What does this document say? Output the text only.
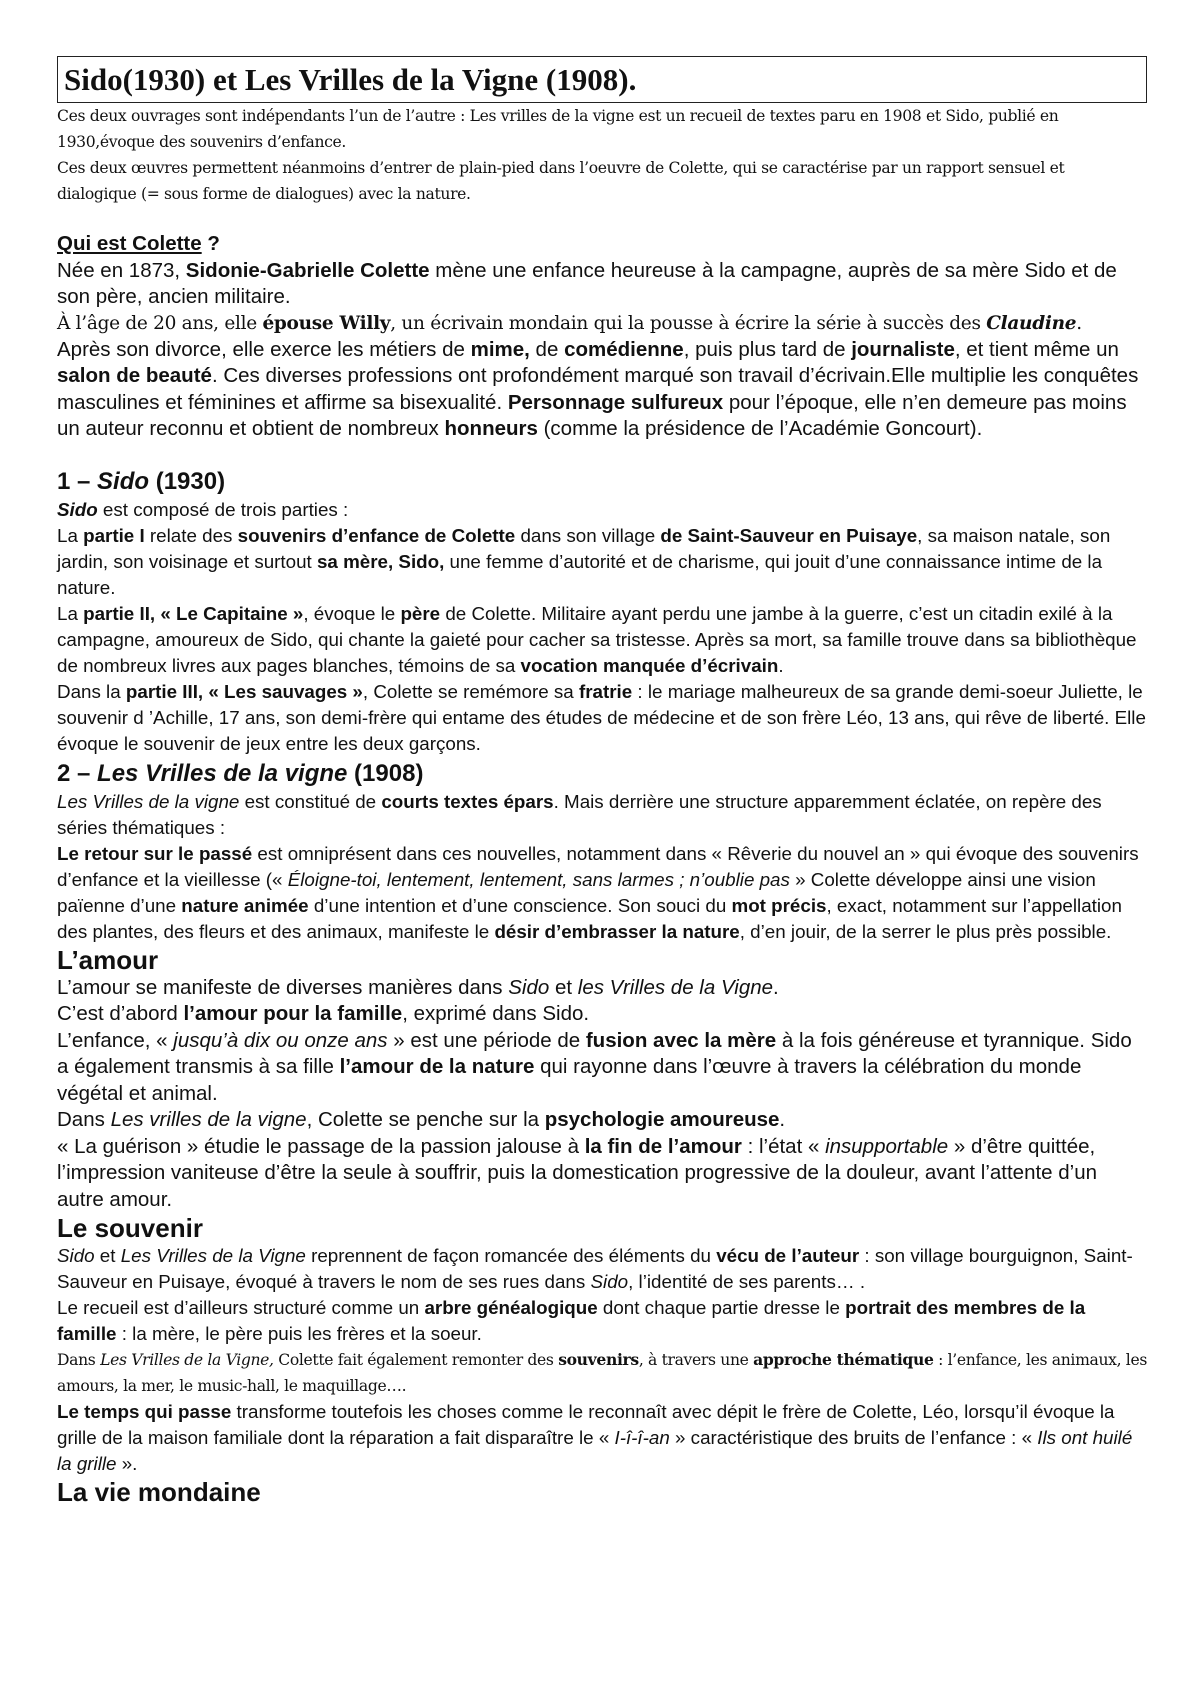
Sido(1930) et Les Vrilles de la Vigne (1908).

Ces deux ouvrages sont indépendants l’un de l’autre : Les vrilles de la vigne est un recueil de textes paru en 1908 et Sido, publié en 1930,évoque des souvenirs d’enfance.

Ces deux œuvres permettent néanmoins d’entrer de plain-pied dans l’oeuvre de Colette, qui se caractérise par un rapport sensuel et dialogique (= sous forme de dialogues) avec la nature.

Qui est Colette ?

Née en 1873, Sidonie-Gabrielle Colette mène une enfance heureuse à la campagne, auprès de sa mère Sido et de son père, ancien militaire.

À l’âge de 20 ans, elle épouse Willy, un écrivain mondain qui la pousse à écrire la série à succès des Claudine.

Après son divorce, elle exerce les métiers de mime, de comédienne, puis plus tard de journaliste, et tient même un salon de beauté. Ces diverses professions ont profondément marqué son travail d’écrivain.Elle multiplie les conquêtes masculines et féminines et affirme sa bisexualité. Personnage sulfureux pour l’époque, elle n’en demeure pas moins un auteur reconnu et obtient de nombreux honneurs (comme la présidence de l’Académie Goncourt).

1 – Sido (1930)

Sido est composé de trois parties :

La partie I relate des souvenirs d’enfance de Colette dans son village de Saint-Sauveur en Puisaye, sa maison natale, son jardin, son voisinage et surtout sa mère, Sido, une femme d’autorité et de charisme, qui jouit d’une connaissance intime de la nature.

La partie II, « Le Capitaine », évoque le père de Colette. Militaire ayant perdu une jambe à la guerre, c’est un citadin exilé à la campagne, amoureux de Sido, qui chante la gaieté pour cacher sa tristesse. Après sa mort, sa famille trouve dans sa bibliothèque de nombreux livres aux pages blanches, témoins de sa vocation manquée d’écrivain.

Dans la partie III, « Les sauvages », Colette se remémore sa fratrie : le mariage malheureux de sa grande demi-soeur Juliette, le souvenir d ’Achille, 17 ans, son demi-frère qui entame des études de médecine et de son frère Léo, 13 ans, qui rêve de liberté. Elle évoque le souvenir de jeux entre les deux garçons.

2 – Les Vrilles de la vigne (1908)

Les Vrilles de la vigne est constitué de courts textes épars. Mais derrière une structure apparemment éclatée, on repère des séries thématiques :

Le retour sur le passé est omniprésent dans ces nouvelles, notamment dans « Rêverie du nouvel an » qui évoque des souvenirs d’enfance et la vieillesse (« Éloigne-toi, lentement, lentement, sans larmes ; n’oublie pas » Colette développe ainsi une vision païenne d’une nature animée d’une intention et d’une conscience. Son souci du mot précis, exact, notamment sur l’appellation des plantes, des fleurs et des animaux, manifeste le désir d’embrasser la nature, d’en jouir, de la serrer le plus près possible.

L’amour

L’amour se manifeste de diverses manières dans Sido et les Vrilles de la Vigne.

C’est d’abord l’amour pour la famille, exprimé dans Sido.

L’enfance, « jusqu’à dix ou onze ans » est une période de fusion avec la mère à la fois généreuse et tyrannique. Sido a également transmis à sa fille l’amour de la nature qui rayonne dans l’œuvre à travers la célébration du monde végétal et animal.

Dans Les vrilles de la vigne, Colette se penche sur la psychologie amoureuse.

« La guérison » étudie le passage de la passion jalouse à la fin de l’amour : l’état « insupportable » d’être quittée, l’impression vaniteuse d’être la seule à souffrir, puis la domestication progressive de la douleur, avant l’attente d’un autre amour.

Le souvenir

Sido et Les Vrilles de la Vigne reprennent de façon romancée des éléments du vécu de l’auteur : son village bourguignon, Saint-Sauveur en Puisaye, évoqué à travers le nom de ses rues dans Sido, l’identité de ses parents… .

Le recueil est d’ailleurs structuré comme un arbre généalogique dont chaque partie dresse le portrait des membres de la famille : la mère, le père puis les frères et la soeur.

Dans Les Vrilles de la Vigne, Colette fait également remonter des souvenirs, à travers une approche thématique : l’enfance, les animaux, les amours, la mer, le music-hall, le maquillage….

Le temps qui passe transforme toutefois les choses comme le reconnaît avec dépit le frère de Colette, Léo, lorsqu’il évoque la grille de la maison familiale dont la réparation a fait disparaître le « I-î-î-an » caractéristique des bruits de l’enfance : « Ils ont huilé la grille ».

La vie mondaine
